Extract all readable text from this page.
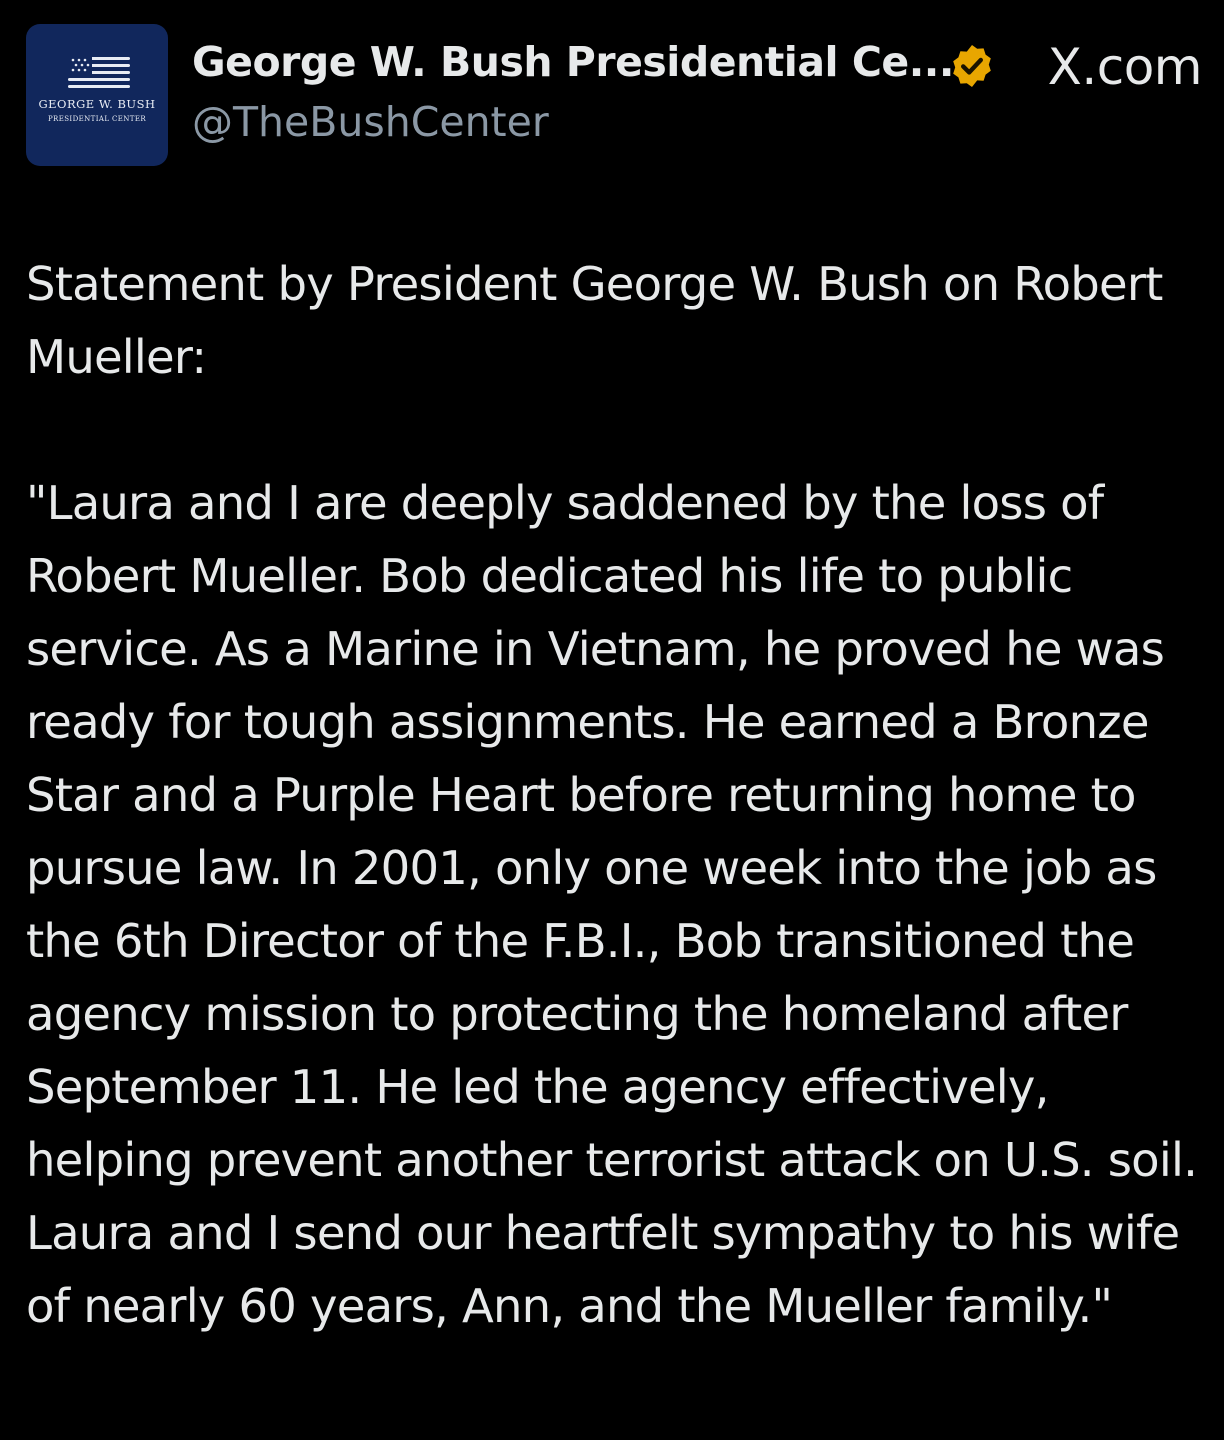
GEORGE W. BUSH
PRESIDENTIAL CENTER
George W. Bush Presidential Ce...
@TheBushCenter
X.com

Statement by President George W. Bush on Robert Mueller:

"Laura and I are deeply saddened by the loss of Robert Mueller. Bob dedicated his life to public service. As a Marine in Vietnam, he proved he was ready for tough assignments. He earned a Bronze Star and a Purple Heart before returning home to pursue law. In 2001, only one week into the job as the 6th Director of the F.B.I., Bob transitioned the agency mission to protecting the homeland after September 11. He led the agency effectively, helping prevent another terrorist attack on U.S. soil. Laura and I send our heartfelt sympathy to his wife of nearly 60 years, Ann, and the Mueller family."
